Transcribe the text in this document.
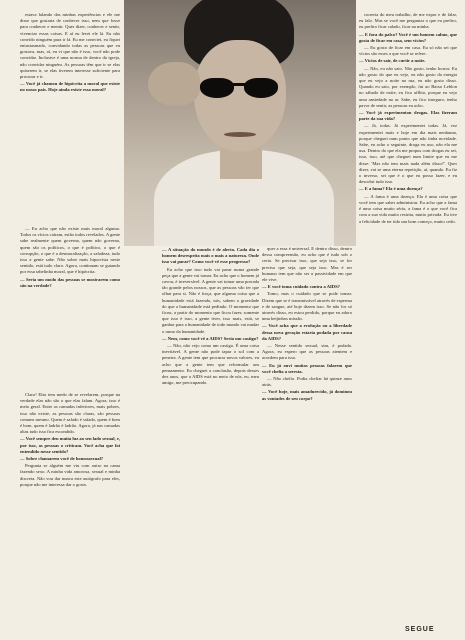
estava falando das minhas experiências e ele me disse que gostaria de conhecer isso, nem que fosse para conhecer e mentir. Quer dizer, conhecer e sentir, vivenciar essas coisas. E aí eu levei ele lá. Eu não convido ninguém para ir lá. Eu me conectei, eu fiquei entusiasmado, convidando todas as pessoas que eu gostava, mas, aí, eu vi que não é isso, você não pode convidar. Inclusive é uma norma de dentro da igreja, não convidar ninguém. As pessoas têm que ir se elas quiserem ir, se elas tiverem interesse suficiente para procurar e ir.

— Você já chamou de hipócrita a moral que existe no nosso país. Hoje ainda existe essa moral?

— Eu acho que não existe mais moral alguma. Todos os vícios caíram, estão todos revelados. A gente sabe realmente quem governa, quem não governa, quem são os políticos, o que é político, o que é corrupção, o que é a desmoralização, a safadeza, tudo isso a gente sabe. Não sobre mais hipocrisia neste sentido, está tudo claro. Agora, continuam se guiando por essa tabelinha moral, que é hipócrita.

— Seria um modo das pessoas se mostrarem como são na verdade?

Claro! Elas tem medo de se revelarem, porque na verdade elas não são o que elas falam. Agora, isso é meio geral. Entre as camadas inferiores, mais pobres, isso não existe, as pessoas são claras, são pessoas comuns mesmo. Quem é safado é safado, quem é bom é bom, quem é ladrão é ladrão. Agora, já nas camadas altas tudo isso fica escondido.

— Você sempre deu muita luz ao seu lado sexual, e, por isso, as pessoas o criticam. Você acha que foi entendido nesse sentido?

— Sobre chamarem você de homossexual?

Pergunta se alguém me viu com outro na cama fazendo sexo. A minha vida amorosa, sexual e minha discreta. Não vou dar nunca este autógrafo para eles, porque não me interessa dar o gosto.

— A situação do mundo é de alerta. Cada dia o homem desrespeita mais o mais a natureza. Onde isso vai parar? Como você vê esse progresso?

Eu acho que isso tudo vai parar numa grande peça que a gente vai tomar. Eu acho que o homem já cavou, é irreversível. A gente vai tomar uma porrada tão grande pelos nossos, que as pessoas vão ter que olhar para si. Não é força, que alguma coisa que a humanidade está fazendo, nós, sabem a gravidade do que a humanidade está pedindo. O momento que ficou, a partir do momento que ficou fazer, somente que isso é isso, a gente tiver, isso mais, está, se ganhar para a humanidade de todo mundo vai mudar o rumo da humanidade.

— Nem, como você vê a AIDS? Seria um castigo?

— Não, não vejo como um castigo. É uma coisa inevitável. A gente não pode tapar o sol com a peneira. A gente tem que procurar novos valores, eu acho que a gente tem que reformular um pensamento. Eu cheguei a conclusão, depois desses dez anos, que a AIDS está no meio de nós, eu, meu amigo, me preocupando.

quer a essa é universal. E dentro disso, dentro dessa compreensão, eu acho que é tudo sob o certo. Se precisar isso, que seja isso, se for preciso que seja, que seja isso. Mas é ser humano tem que não ser a passividade em que ele vive.

— E você toma cuidado contra a AIDS?

Tomo, mas o cuidado que se pode tomar. Dizem que se é transmissível através de esperma e de sangue, até hoje dizem isso. Se não for só através disso, eu estou perdido, porque eu adoro uma beijinhos missão.

— Você acha que a evolução ou a liberdade dessa nova geração estaria podada por causa da AIDS?

— Nesse sentido sexual, sim, é podada. Agora, eu espero que as pessoas atentem e acordem para isso.

— Eu já ouvi muitas pessoas falarem que você chefia a seresta.

— Não chefio. Podia chefiar há quinze anos atrás.

— Você hoje, mais amadurecido, já dominou as vontades de seu corpo?

correria do meu trabalho, de me expor e de falar, eu falo. Mas se você me perguntar o que eu prefiro, eu prefiro ficar calado, ficar na minha.

— E fora do palco? Você é um homem calmo, que gosta de ficar em casa, sem vícios?

— Eu gosto de ficar em casa. Eu só não sei que vícios são esses a que você se refere.

— Vícios de sair, de curtir a noite.

— Não, eu não saio. Não gosto, tenho horror. Eu não gosto do que eu vejo, eu não gosto da energia que eu vejo a noite na rua, eu não gosto disso. Quando eu saio, por exemplo, fui ao Baixo Leblon no sábado de noite, eu fico afflito, porque eu vejo uma ansiedade no ar. Sabe, eu fico inseguro, tenho pavor de sentir, as pessoas eu acho.

— Você já experimentou drogas. Elas fizeram parte da sua vida?

— Já, todas. Já experimentei todas. Já, vez experimentei mais e hoje em dia mais nenhuma, porque cheguei num ponto que não tinha novidade. Sabe, eu acho o seguinte, droga eu uso, não ela me usa. Dentro do que ela me propus com drogas eu sei, isso, isso, até que cheguei num limite que eu me disse: 'Mas não tem mais nada além disso?'. Quer dizer, vai se uma eterna repetição, aí, quando. Eu fiz o inverso, sei que é o que eu posso fazer, e eu descobri tudo isso.

— E a fama? Ela é uma doença?

— A fama é uma doença. Ela é uma coisa que você tem que saber administrar. Eu acho que a fama é uma coisa muito séria, a fama é o que você fica com a sua vida muito restrita, muito privada. Eu tive a felicidade de ter tido um bom começo, muito cedo.

SEGUE
